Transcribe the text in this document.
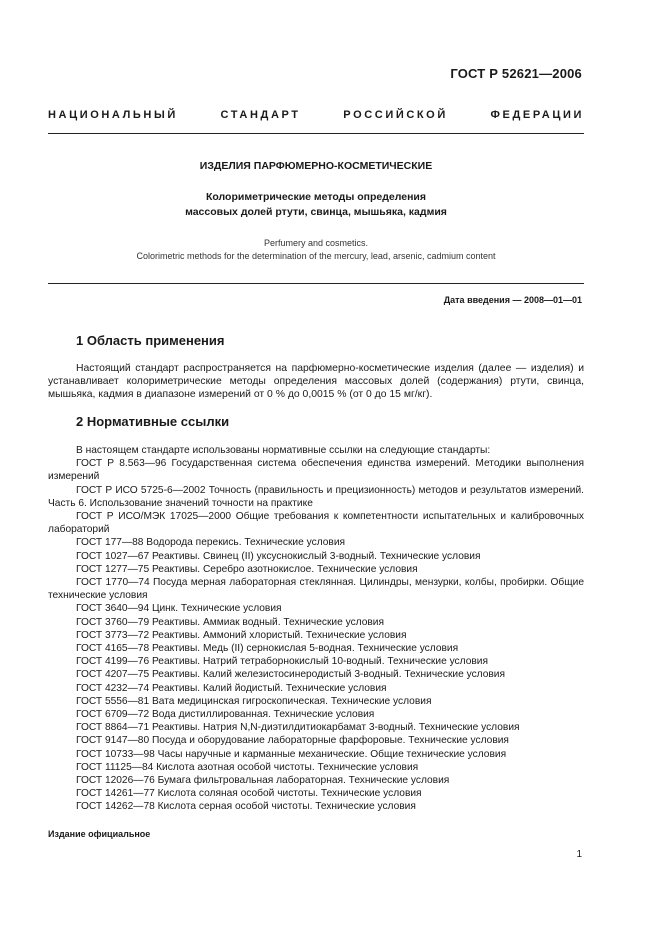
ГОСТ Р 52621—2006
НАЦИОНАЛЬНЫЙ СТАНДАРТ РОССИЙСКОЙ ФЕДЕРАЦИИ
ИЗДЕЛИЯ ПАРФЮМЕРНО-КОСМЕТИЧЕСКИЕ
Колориметрические методы определения
массовых долей ртути, свинца, мышьяка, кадмия
Perfumery and cosmetics.
Colorimetric methods for the determination of the mercury, lead, arsenic, cadmium content
Дата введения — 2008—01—01
1 Область применения
Настоящий стандарт распространяется на парфюмерно-косметические изделия (далее — изделия) и устанавливает колориметрические методы определения массовых долей (содержания) ртути, свинца, мышьяка, кадмия в диапазоне измерений от 0 % до 0,0015 % (от 0 до 15 мг/кг).
2 Нормативные ссылки

В настоящем стандарте использованы нормативные ссылки на следующие стандарты:

ГОСТ Р 8.563—96 Государственная система обеспечения единства измерений. Методики выполнения измерений

ГОСТ Р ИСО 5725-6—2002 Точность (правильность и прецизионность) методов и результатов измерений. Часть 6. Использование значений точности на практике

ГОСТ Р ИСО/МЭК 17025—2000 Общие требования к компетентности испытательных и калибровочных лабораторий

ГОСТ 177—88 Водорода перекись. Технические условия

ГОСТ 1027—67 Реактивы. Свинец (II) уксуснокислый 3-водный. Технические условия

ГОСТ 1277—75 Реактивы. Серебро азотнокислое. Технические условия

ГОСТ 1770—74 Посуда мерная лабораторная стеклянная. Цилиндры, мензурки, колбы, пробирки. Общие технические условия

ГОСТ 3640—94 Цинк. Технические условия

ГОСТ 3760—79 Реактивы. Аммиак водный. Технические условия

ГОСТ 3773—72 Реактивы. Аммоний хлористый. Технические условия

ГОСТ 4165—78 Реактивы. Медь (II) сернокислая 5-водная. Технические условия

ГОСТ 4199—76 Реактивы. Натрий тетраборнокислый 10-водный. Технические условия

ГОСТ 4207—75 Реактивы. Калий железистосинеродистый 3-водный. Технические условия

ГОСТ 4232—74 Реактивы. Калий йодистый. Технические условия

ГОСТ 5556—81 Вата медицинская гигроскопическая. Технические условия

ГОСТ 6709—72 Вода дистиллированная. Технические условия

ГОСТ 8864—71 Реактивы. Натрия N,N-диэтилдитиокарбамат 3-водный. Технические условия

ГОСТ 9147—80 Посуда и оборудование лабораторные фарфоровые. Технические условия

ГОСТ 10733—98 Часы наручные и карманные механические. Общие технические условия

ГОСТ 11125—84 Кислота азотная особой чистоты. Технические условия

ГОСТ 12026—76 Бумага фильтровальная лабораторная. Технические условия

ГОСТ 14261—77 Кислота соляная особой чистоты. Технические условия

ГОСТ 14262—78 Кислота серная особой чистоты. Технические условия

Издание официальное
1
